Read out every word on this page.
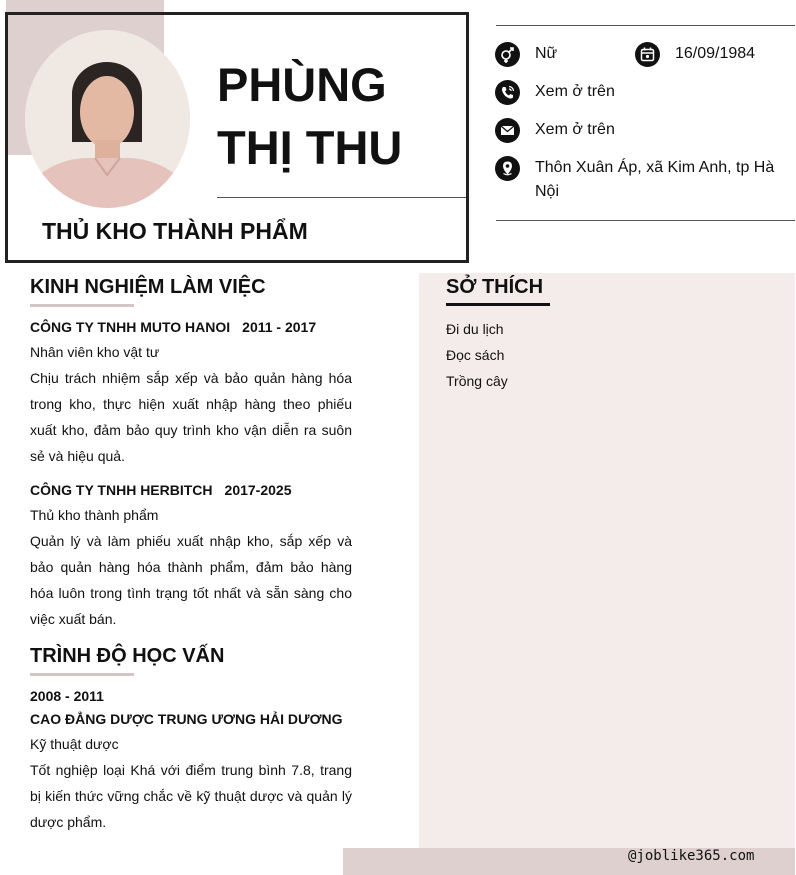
PHÙNG
THỊ THU
THỦ KHO THÀNH PHẨM
Nữ	16/09/1984
Xem ở trên
Xem ở trên
Thôn Xuân Áp, xã Kim Anh, tp Hà Nội
KINH NGHIỆM LÀM VIỆC
CÔNG TY TNHH MUTO HANOI 2011 - 2017
Nhân viên kho vật tư
Chịu trách nhiệm sắp xếp và bảo quản hàng hóa trong kho, thực hiện xuất nhập hàng theo phiếu xuất kho, đảm bảo quy trình kho vận diễn ra suôn sẻ và hiệu quả.
CÔNG TY TNHH HERBITCH 2017-2025
Thủ kho thành phẩm
Quản lý và làm phiếu xuất nhập kho, sắp xếp và bảo quản hàng hóa thành phẩm, đảm bảo hàng hóa luôn trong tình trạng tốt nhất và sẵn sàng cho việc xuất bán.
TRÌNH ĐỘ HỌC VẤN
2008 - 2011
CAO ĐẲNG DƯỢC TRUNG ƯƠNG HẢI DƯƠNG
Kỹ thuật dược
Tốt nghiệp loại Khá với điểm trung bình 7.8, trang bị kiến thức vững chắc về kỹ thuật dược và quản lý dược phẩm.
SỞ THÍCH
Đi du lịch
Đọc sách
Trồng cây
@joblike365.com
